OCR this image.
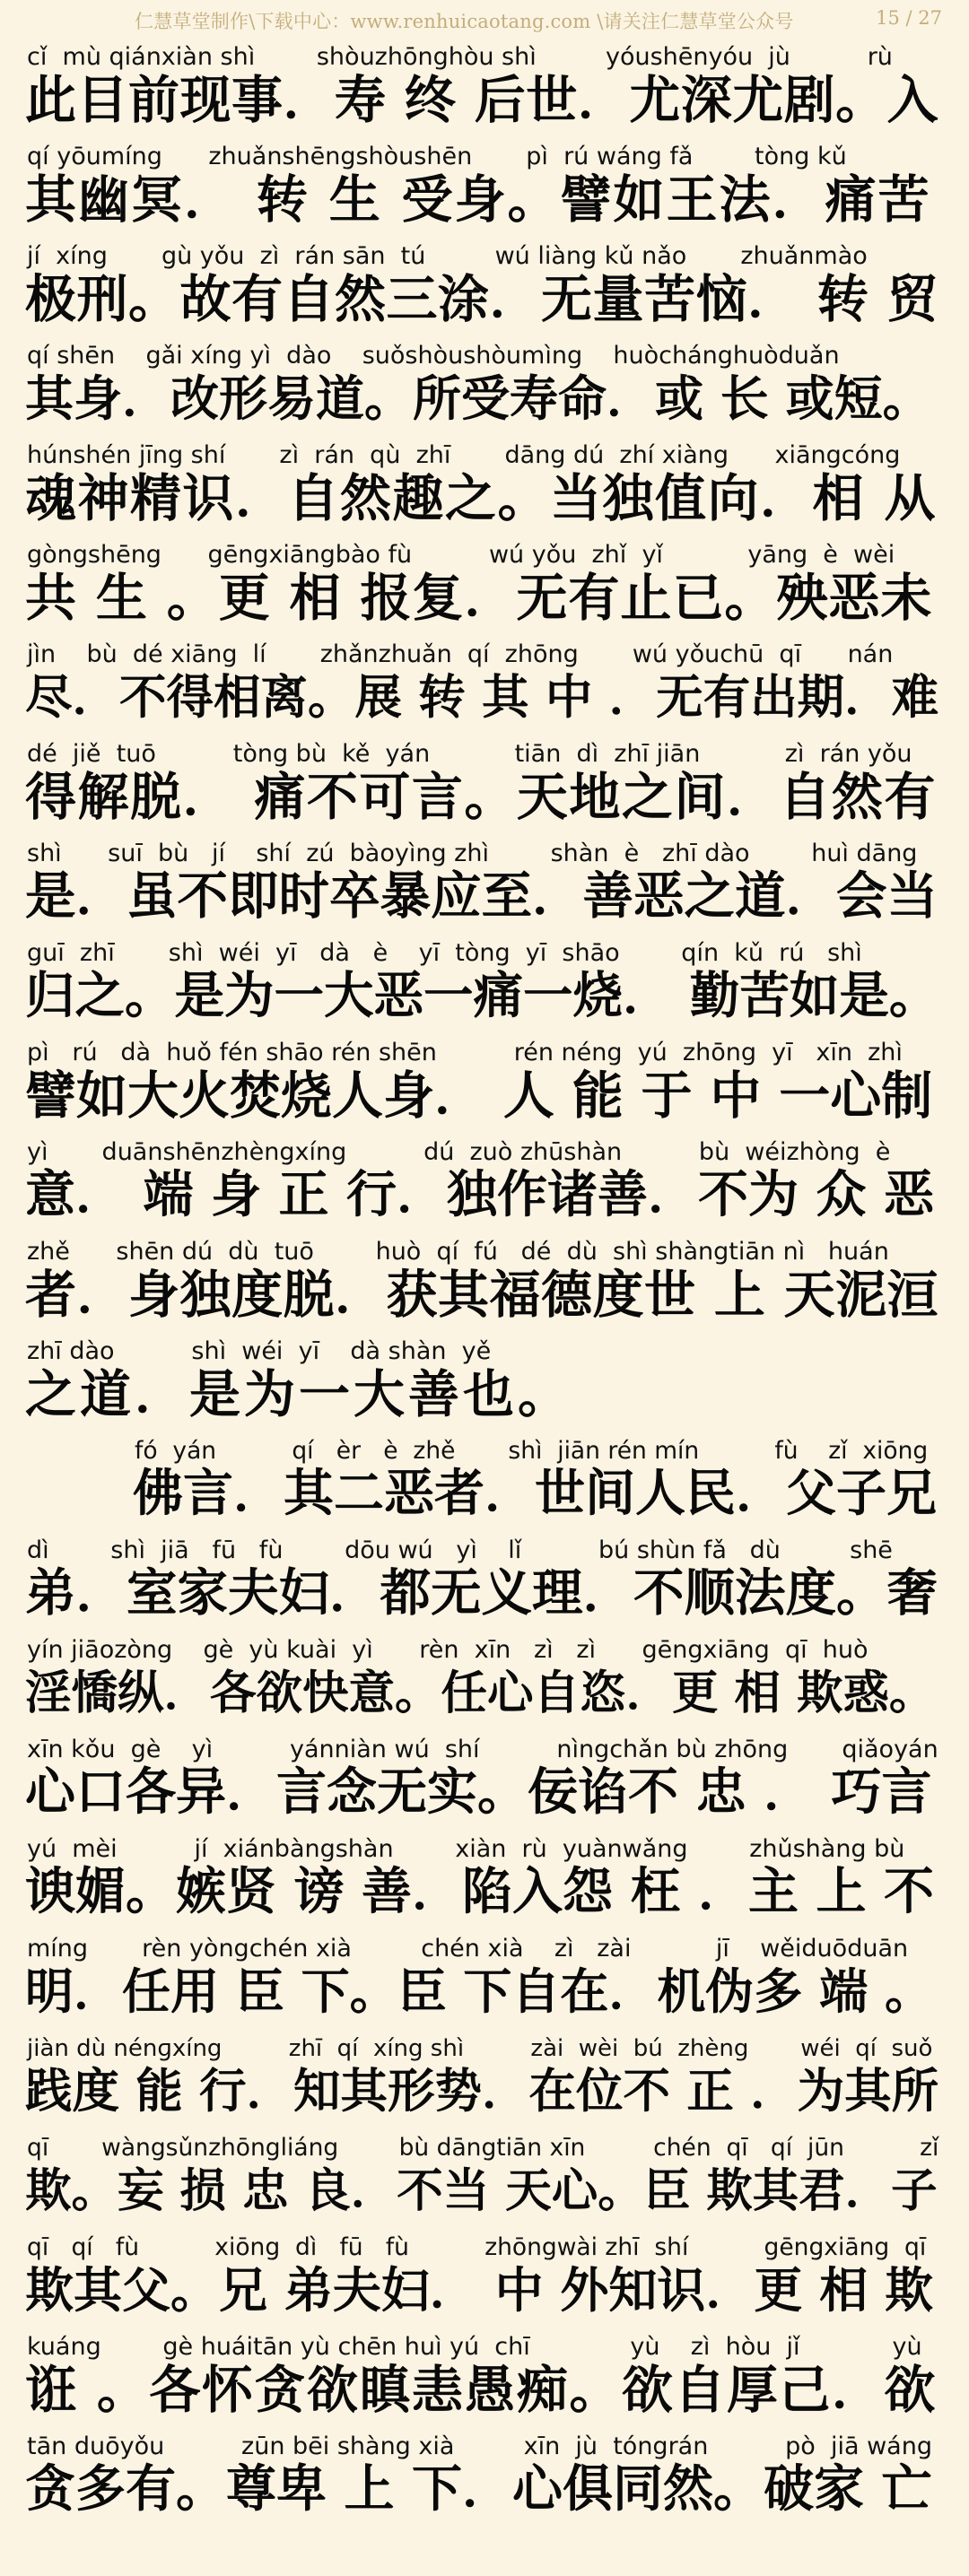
仁慧草堂制作\下载中心：www.renhuicaotang.com \请关注仁慧草堂公众号	15 / 27
cǐ  mù qiánxiàn shì        shòuzhōnghòu shì         yóushēnyóu  jù          rù
此目前现事．寿 终 后世．尤深尤剧。入
qí yōumíng      zhuǎnshēngshòushēn       pì  rú wáng fǎ        tòng kǔ
其幽冥． 转 生 受身。譬如王法．痛苦
jí  xíng       gù yǒu  zì  rán sān  tú         wú liàng kǔ nǎo       zhuǎnmào
极刑。故有自然三涂．无量苦恼． 转 贸
qí shēn    gǎi xíng yì  dào    suǒshòushòumìng    huòchánghuòduǎn
其身．改形易道。所受寿命．或 长 或短。
húnshén jīng shí       zì  rán  qù  zhī       dāng dú  zhí xiàng      xiāngcóng
魂神精识．自然趣之。当独值向．相 从
gòngshēng      gēngxiāngbào fù          wú yǒu  zhǐ  yǐ           yāng  è  wèi
共 生 。更 相 报复．无有止已。殃恶未
jìn    bù  dé xiāng  lí       zhǎnzhuǎn  qí  zhōng       wú yǒuchū  qī      nán
尽．不得相离。展 转 其 中 ．无有出期．难
dé  jiě  tuō          tòng bù  kě  yán           tiān  dì  zhī jiān           zì  rán yǒu
得解脱． 痛不可言。天地之间．自然有
shì      suī  bù   jí    shí  zú  bàoyìng zhì        shàn  è   zhī dào        huì dāng
是．虽不即时卒暴应至．善恶之道．会当
guī  zhī       shì  wéi  yī   dà   è    yī  tòng  yī  shāo        qín  kǔ  rú   shì
归之。是为一大恶一痛一烧． 勤苦如是。
pì   rú   dà  huǒ fén shāo rén shēn          rén néng  yú  zhōng  yī   xīn  zhì
譬如大火焚烧人身． 人 能 于 中 一心制
yì       duānshēnzhèngxíng          dú  zuò zhūshàn          bù  wéizhòng  è
意． 端 身 正 行．独作诸善．不为 众 恶
zhě      shēn dú  dù  tuō        huò  qí  fú   dé  dù  shì shàngtiān nì   huán
者．身独度脱．获其福德度世 上 天泥洹
zhī dào          shì  wéi  yī    dà shàn  yě
之道．是为一大善也。
fó  yán          qí   èr   è  zhě       shì  jiān rén mín          fù    zǐ  xiōng
佛言．其二恶者．世间人民．父子兄
dì        shì  jiā   fū   fù        dōu wú   yì    lǐ          bú shùn fǎ   dù         shē
弟．室家夫妇．都无义理．不顺法度。奢
yín jiāozòng    gè  yù kuài  yì      rèn  xīn   zì   zì      gēngxiāng  qī  huò
淫憍纵．各欲快意。任心自恣．更 相 欺惑。
xīn kǒu  gè    yì          yánniàn wú  shí          nìngchǎn bù zhōng       qiǎoyán
心口各异．言念无实。佞谄不 忠 ． 巧言
yú  mèi          jí  xiánbàngshàn        xiàn  rù  yuànwǎng        zhǔshàng bù
谀媚。嫉贤 谤 善．陷入怨 枉 ．主 上 不
míng       rèn yòngchén xià         chén xià    zì   zài           jī    wěiduōduān
明．任用 臣 下。臣 下自在．机伪多 端 。
jiàn dù nénɡxíng         zhī  qí  xíng shì         zài  wèi  bú  zhèng       wéi  qí  suǒ
践度 能 行．知其形势．在位不 正 ．为其所
qī       wàngsǔnzhōngliáng        bù dāngtiān xīn         chén  qī   qí  jūn          zǐ
欺。妄 损 忠 良．不当 天心。臣 欺其君．子
qī   qí   fù          xiōng  dì   fū   fù          zhōngwài zhī  shí          gēngxiāng  qī
欺其父。兄 弟夫妇． 中 外知识．更 相 欺
kuáng        gè huáitān yù chēn huì yú  chī             yù    zì  hòu  jǐ            yù
诳 。各怀贪欲瞋恚愚痴。欲自厚己．欲
tān duōyǒu          zūn bēi shàng xià         xīn  jù  tóngrán          pò  jiā wáng
贪多有。尊卑 上 下．心俱同然。破家 亡
